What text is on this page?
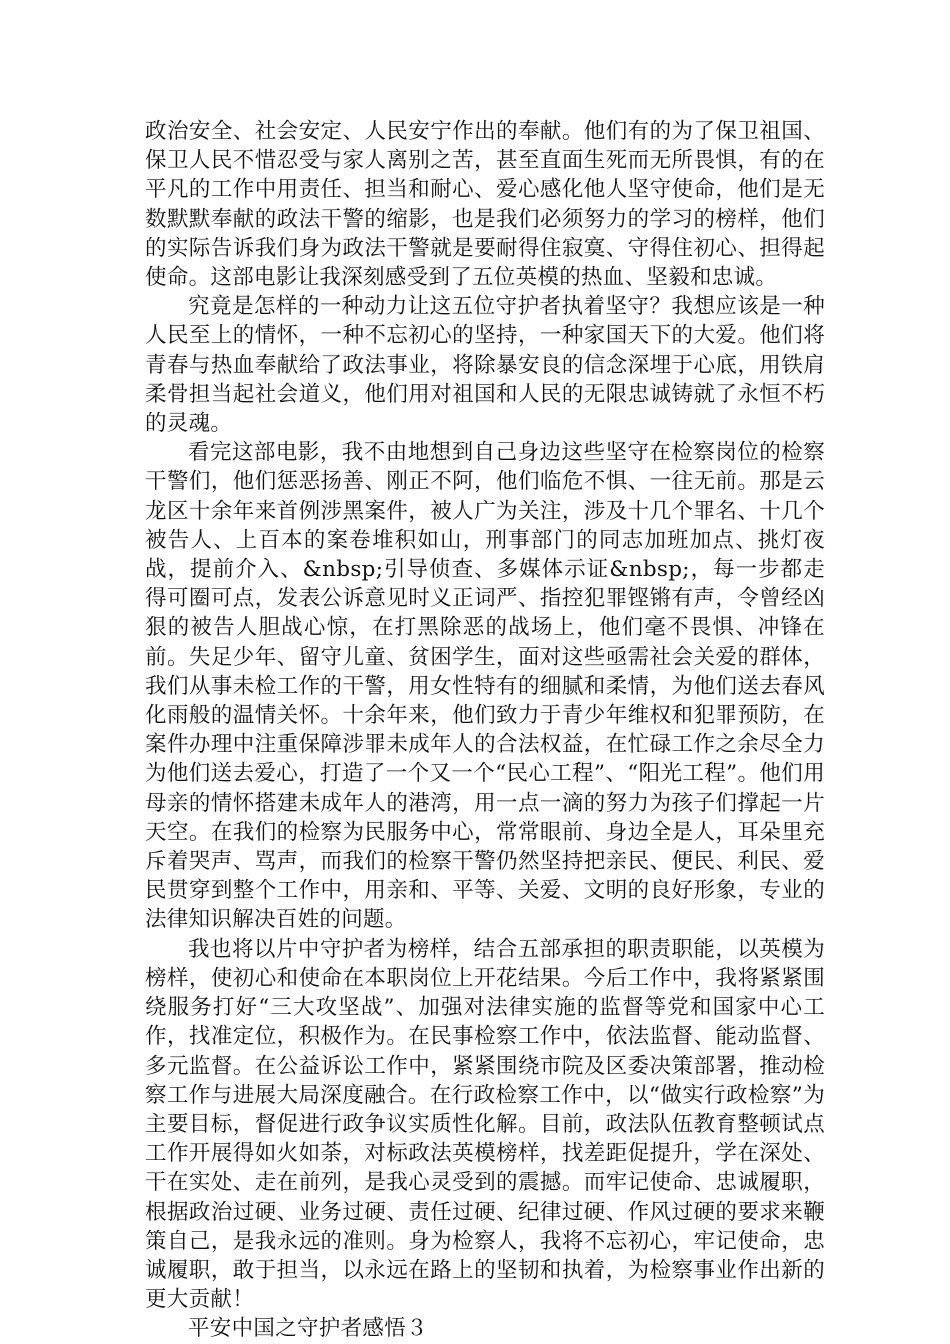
政治安全、社会安定、人民安宁作出的奉献。他们有的为了保卫祖国、保卫人民不惜忍受与家人离别之苦，甚至直面生死而无所畏惧，有的在平凡的工作中用责任、担当和耐心、爱心感化他人坚守使命，他们是无数默默奉献的政法干警的缩影，也是我们必须努力的学习的榜样，他们的实际告诉我们身为政法干警就是要耐得住寂寞、守得住初心、担得起使命。这部电影让我深刻感受到了五位英模的热血、坚毅和忠诚。

究竟是怎样的一种动力让这五位守护者执着坚守？我想应该是一种人民至上的情怀，一种不忘初心的坚持，一种家国天下的大爱。他们将青春与热血奉献给了政法事业，将除暴安良的信念深埋于心底，用铁肩柔骨担当起社会道义，他们用对祖国和人民的无限忠诚铸就了永恒不朽的灵魂。

看完这部电影，我不由地想到自己身边这些坚守在检察岗位的检察干警们，他们惩恶扬善、刚正不阿，他们临危不惧、一往无前。那是云龙区十余年来首例涉黑案件，被人广为关注，涉及十几个罪名、十几个被告人、上百本的案卷堆积如山，刑事部门的同志加班加点、挑灯夜战，提前介入、&nbsp;引导侦查、多媒体示证&nbsp;，每一步都走得可圈可点，发表公诉意见时义正词严、指控犯罪铿锵有声，令曾经凶狠的被告人胆战心惊，在打黑除恶的战场上，他们毫不畏惧、冲锋在前。失足少年、留守儿童、贫困学生，面对这些亟需社会关爱的群体，我们从事未检工作的干警，用女性特有的细腻和柔情，为他们送去春风化雨般的温情关怀。十余年来，他们致力于青少年维权和犯罪预防，在案件办理中注重保障涉罪未成年人的合法权益，在忙碌工作之余尽全力为他们送去爱心，打造了一个又一个“民心工程”、“阳光工程”。他们用母亲的情怀搭建未成年人的港湾，用一点一滴的努力为孩子们撑起一片天空。在我们的检察为民服务中心，常常眼前、身边全是人，耳朵里充斥着哭声、骂声，而我们的检察干警仍然坚持把亲民、便民、利民、爱民贯穿到整个工作中，用亲和、平等、关爱、文明的良好形象，专业的法律知识解决百姓的问题。

我也将以片中守护者为榜样，结合五部承担的职责职能，以英模为榜样，使初心和使命在本职岗位上开花结果。今后工作中，我将紧紧围绕服务打好“三大攻坚战”、加强对法律实施的监督等党和国家中心工作，找准定位，积极作为。在民事检察工作中，依法监督、能动监督、多元监督。在公益诉讼工作中，紧紧围绕市院及区委决策部署，推动检察工作与进展大局深度融合。在行政检察工作中，以“做实行政检察”为主要目标，督促进行政争议实质性化解。目前，政法队伍教育整顿试点工作开展得如火如荼，对标政法英模榜样，找差距促提升，学在深处、干在实处、走在前列，是我心灵受到的震撼。而牢记使命、忠诚履职，根据政治过硬、业务过硬、责任过硬、纪律过硬、作风过硬的要求来鞭策自己，是我永远的准则。身为检察人，我将不忘初心，牢记使命，忠诚履职，敢于担当，以永远在路上的坚韧和执着，为检察事业作出新的更大贡献！

平安中国之守护者感悟３
